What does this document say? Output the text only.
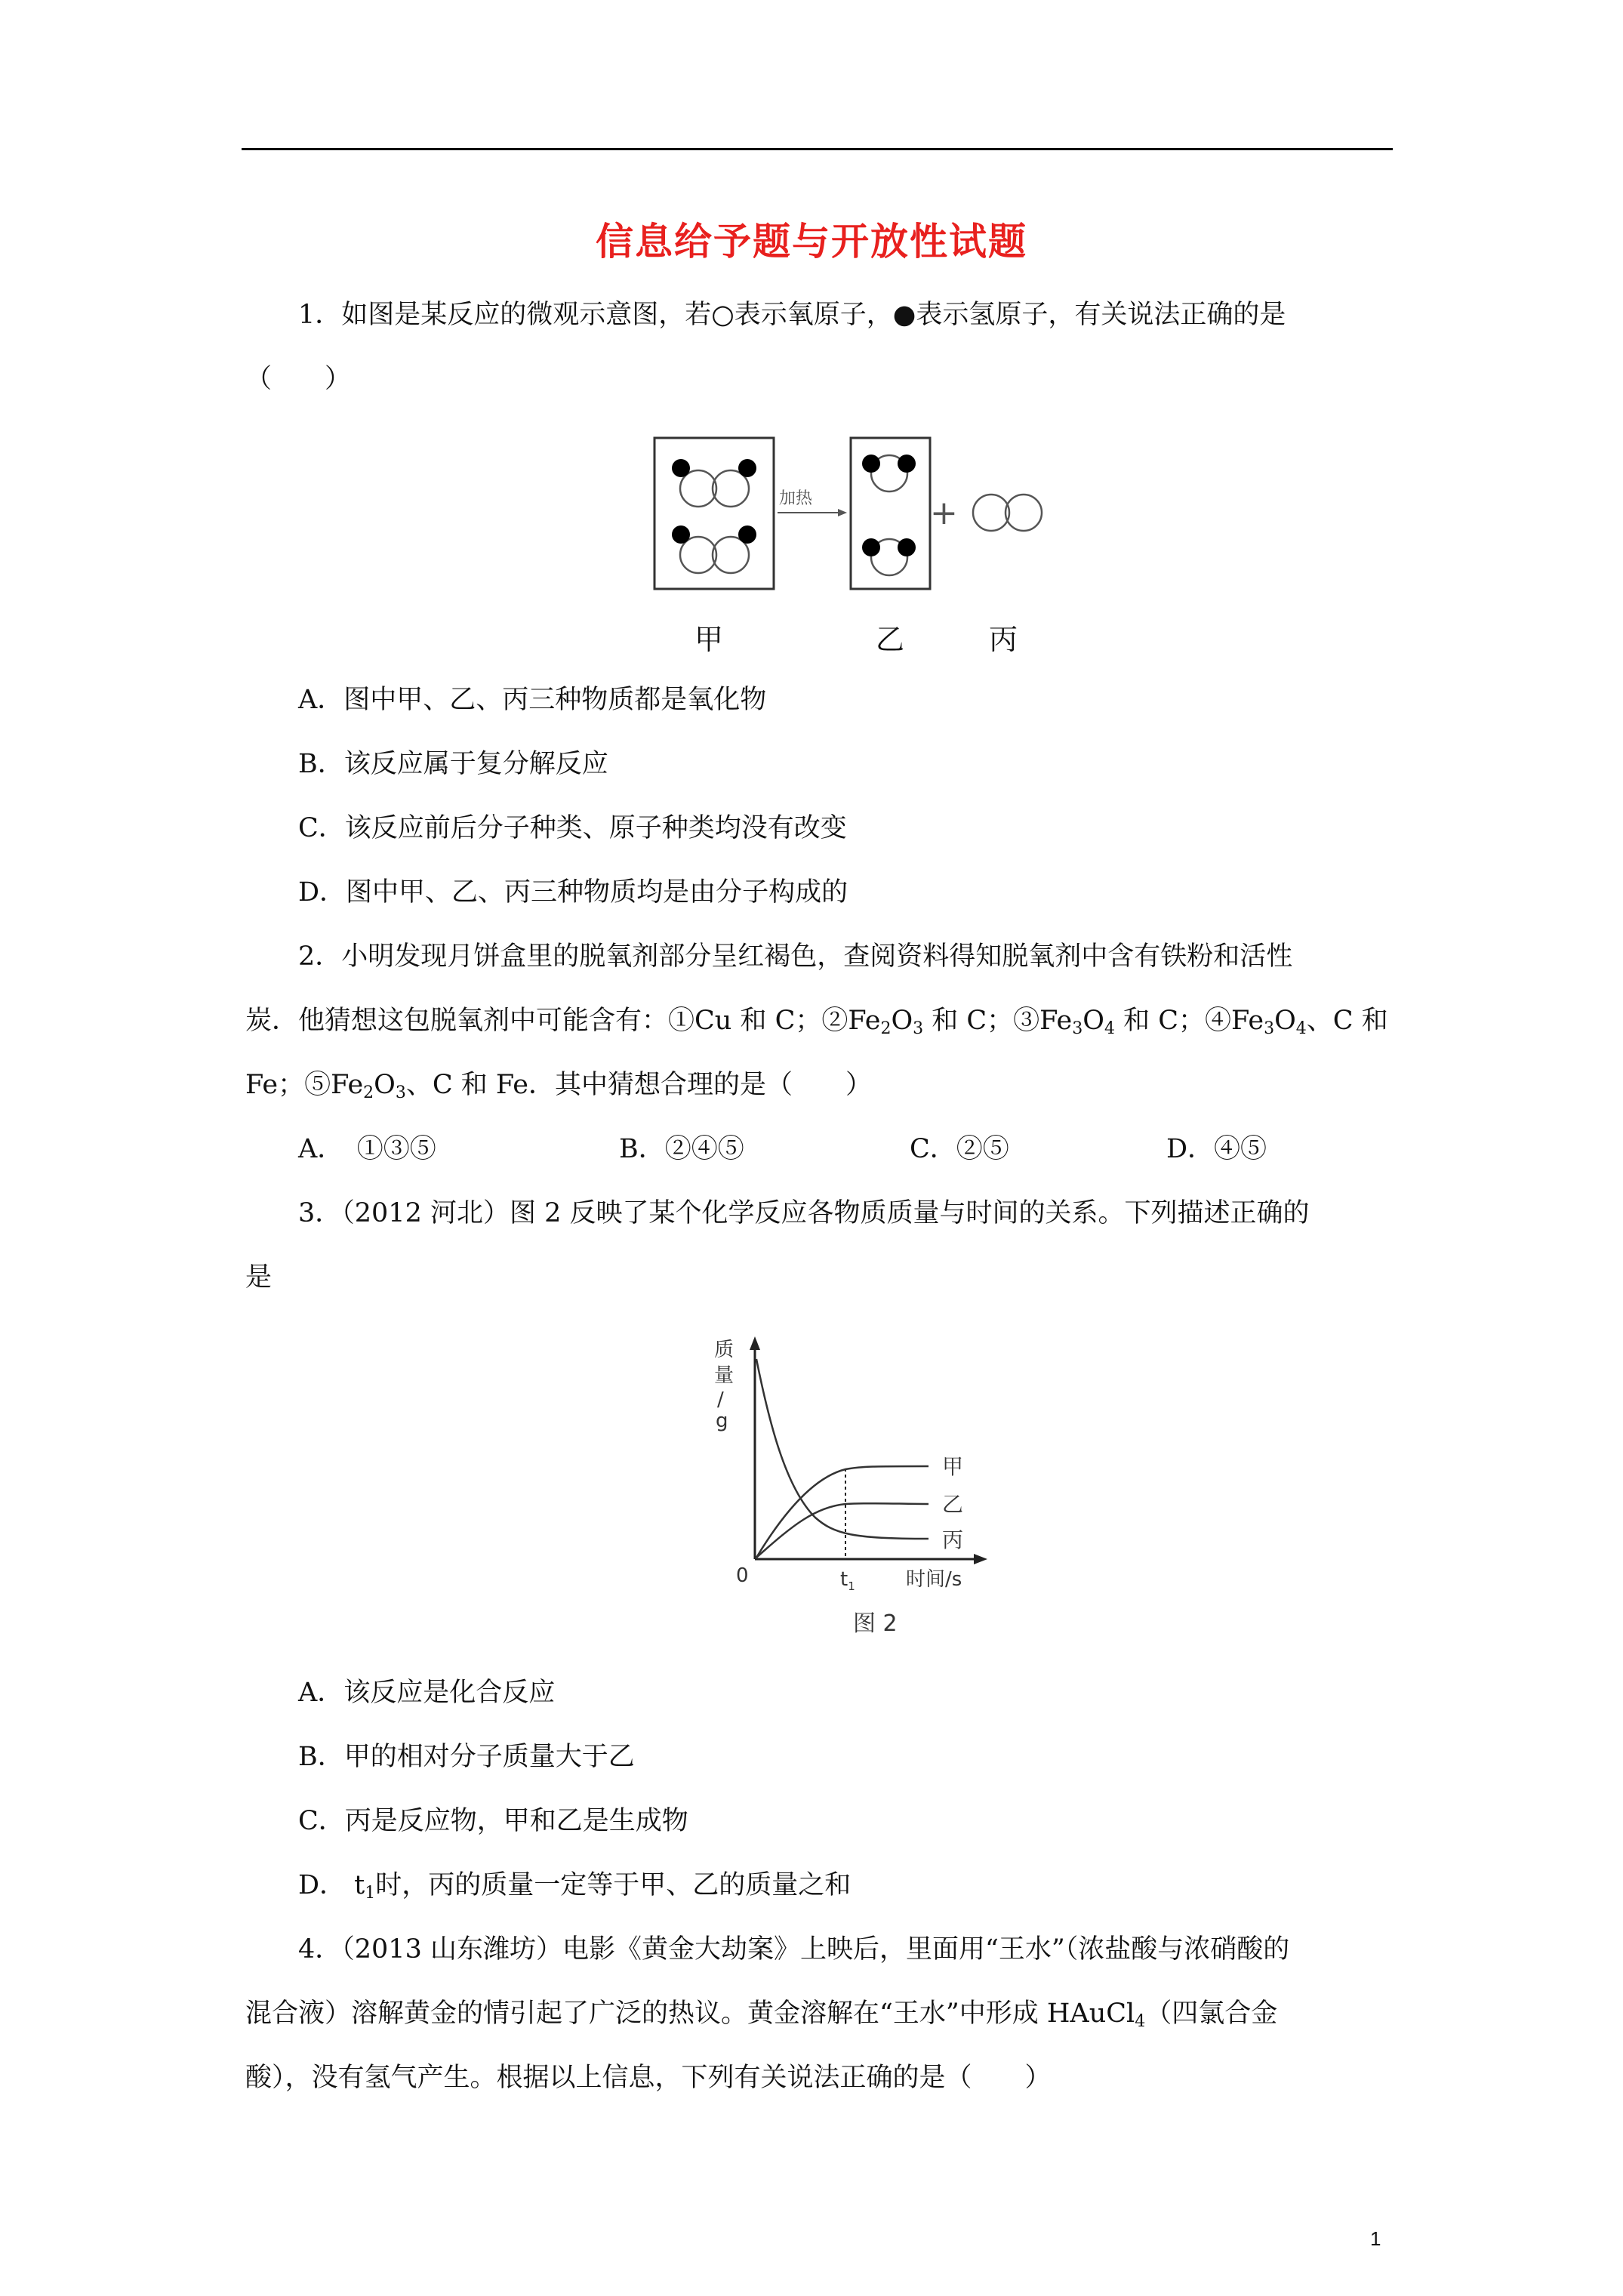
信息给予题与开放性试题
1．如图是某反应的微观示意图，若○表示氧原子，●表示氢原子，有关说法正确的是
（　　）
加热	+
甲	乙	丙
A．图中甲、乙、丙三种物质都是氧化物
B．该反应属于复分解反应
C．该反应前后分子种类、原子种类均没有改变
D．图中甲、乙、丙三种物质均是由分子构成的
2．小明发现月饼盒里的脱氧剂部分呈红褐色，查阅资料得知脱氧剂中含有铁粉和活性
炭．他猜想这包脱氧剂中可能含有：①Cu 和 C；$②Fe_2O_3$ 和 C；$③Fe_3O_4$ 和 C；$④Fe_3O_4$、C 和
Fe；$⑤Fe_2O_3$、C 和 Fe．其中猜想合理的是（　　）
A．　①③⑤	B．②④⑤	C．②⑤	D．④⑤
3．（2012 河北）图 2 反映了某个化学反应各物质质量与时间的关系。下列描述正确的
是
质
量
/
g
0	$t_1$	时间/s
甲
乙
丙
图 2
A．该反应是化合反应
B．甲的相对分子质量大于乙
C．丙是反应物，甲和乙是生成物
D． $t_1$时，丙的质量一定等于甲、乙的质量之和
4．（2013 山东潍坊）电影《黄金大劫案》上映后，里面用“王水”（浓盐酸与浓硝酸的
混合液）溶解黄金的情引起了广泛的热议。黄金溶解在“王水”中形成 HAuCl$_4$（四氯合金
酸），没有氢气产生。根据以上信息，下列有关说法正确的是（　　）
1
